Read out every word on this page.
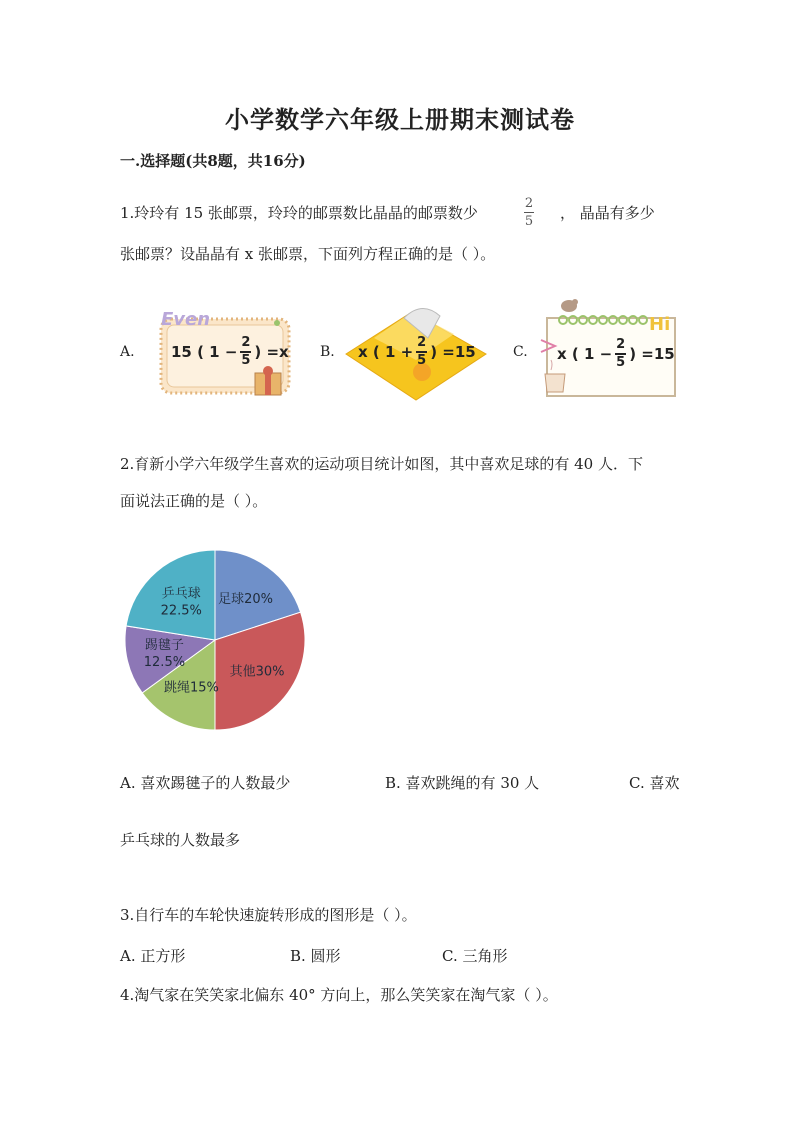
小学数学六年级上册期末测试卷
一.选择题(共8题，共16分)
1.玲玲有 15 张邮票，玲玲的邮票数比晶晶的邮票数少
2
5 ， 晶晶有多少
张邮票？设晶晶有 x 张邮票，下面列方程正确的是（ ）。
A.
Even
15 ( $1 - \frac{2}{5}$ ) =x B. x ( $1 + \frac{2}{5}$ ) =15	C.
Hi
x ( $1 - \frac{2}{5}$ ) =15
2.育新小学六年级学生喜欢的运动项目统计如图，其中喜欢足球的有 40 人．下
面说法正确的是（ ）。
足球20%
其他30%
跳绳15%
踢毽子
12.5%
乒乓球
22.5%
A. 喜欢踢毽子的人数最少	B. 喜欢跳绳的有 30 人	C. 喜欢
乒乓球的人数最多
3.自行车的车轮快速旋转形成的图形是（ ）。
A. 正方形	B. 圆形	C. 三角形
4.淘气家在笑笑家北偏东 40° 方向上，那么笑笑家在淘气家（ ）。
